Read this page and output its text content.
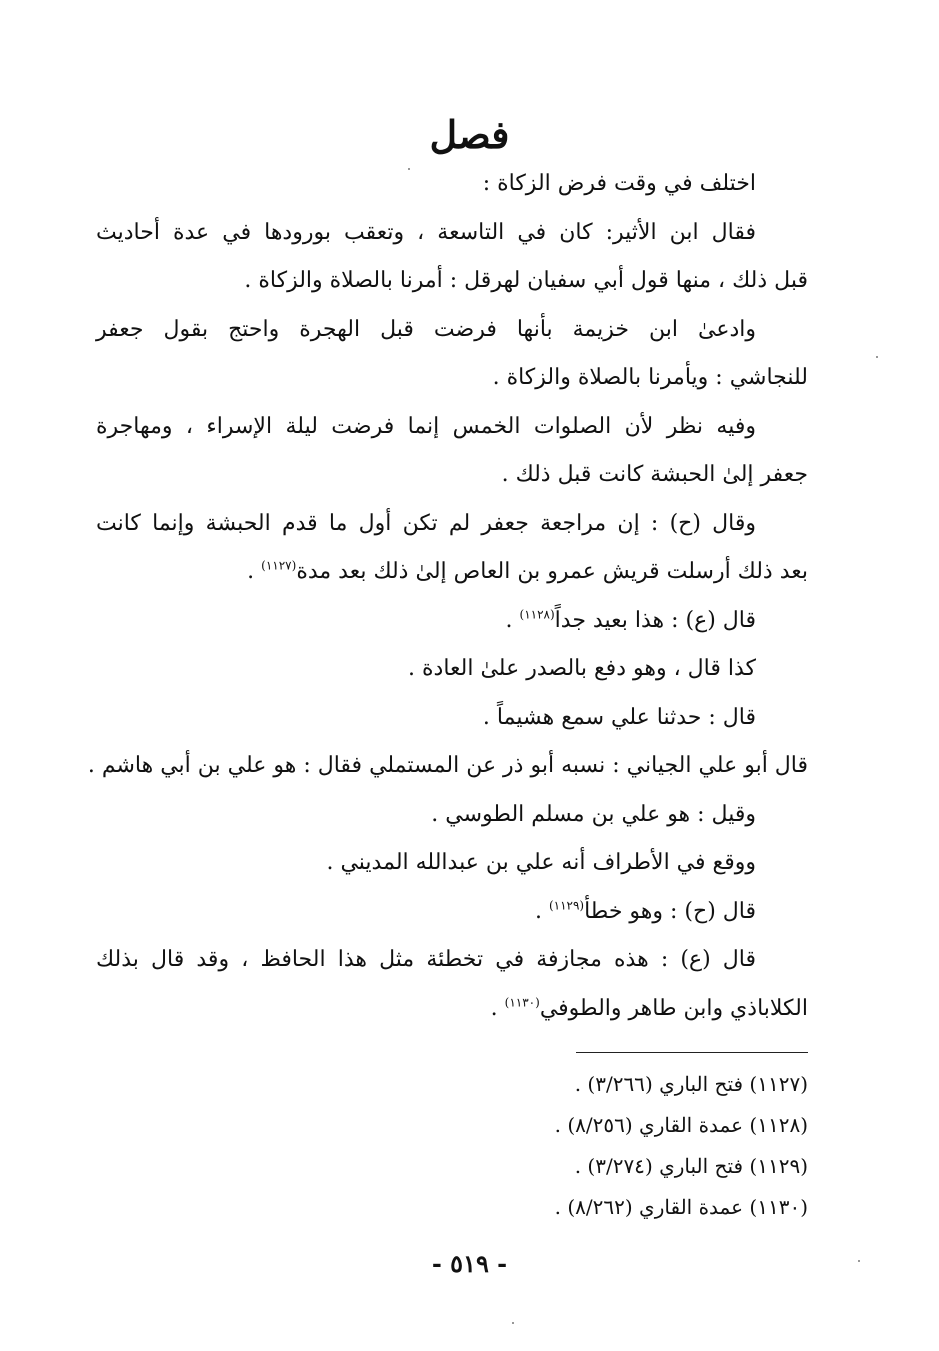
فصل
اختلف في وقت فرض الزكاة :
فقال ابن الأثير: كان في التاسعة ، وتعقب بورودها في عدة أحاديث
قبل ذلك ، منها قول أبي سفيان لهرقل : أمرنا بالصلاة والزكاة .
وادعىٰ ابن خزيمة بأنها فرضت قبل الهجرة واحتج بقول جعفر
للنجاشي : ويأمرنا بالصلاة والزكاة .
وفيه نظر لأن الصلوات الخمس إنما فرضت ليلة الإسراء ، ومهاجرة
جعفر إلىٰ الحبشة كانت قبل ذلك .
وقال (ح) : إن مراجعة جعفر لم تكن أول ما قدم الحبشة وإنما كانت
بعد ذلك أرسلت قريش عمرو بن العاص إلىٰ ذلك بعد مدة$^{(١١٢٧)}$ .
قال (ع) : هذا بعيد جداً$^{(١١٢٨)}$ .
كذا قال ، وهو دفع بالصدر علىٰ العادة .
قال : حدثنا علي سمع هشيماً .
قال أبو علي الجياني : نسبه أبو ذر عن المستملي فقال : هو علي بن أبي هاشم .
وقيل : هو علي بن مسلم الطوسي .
ووقع في الأطراف أنه علي بن عبدالله المديني .
قال (ح) : وهو خطأ$^{(١١٢٩)}$ .
قال (ع) : هذه مجازفة في تخطئة مثل هذا الحافظ ، وقد قال بذلك
الكلاباذي وابن طاهر والطوفي$^{(١١٣٠)}$ .
(١١٢٧) فتح الباري (٣/٢٦٦) .
(١١٢٨) عمدة القاري (٨/٢٥٦) .
(١١٢٩) فتح الباري (٣/٢٧٤) .
(١١٣٠) عمدة القاري (٨/٢٦٢) .
- ٥١٩ -
